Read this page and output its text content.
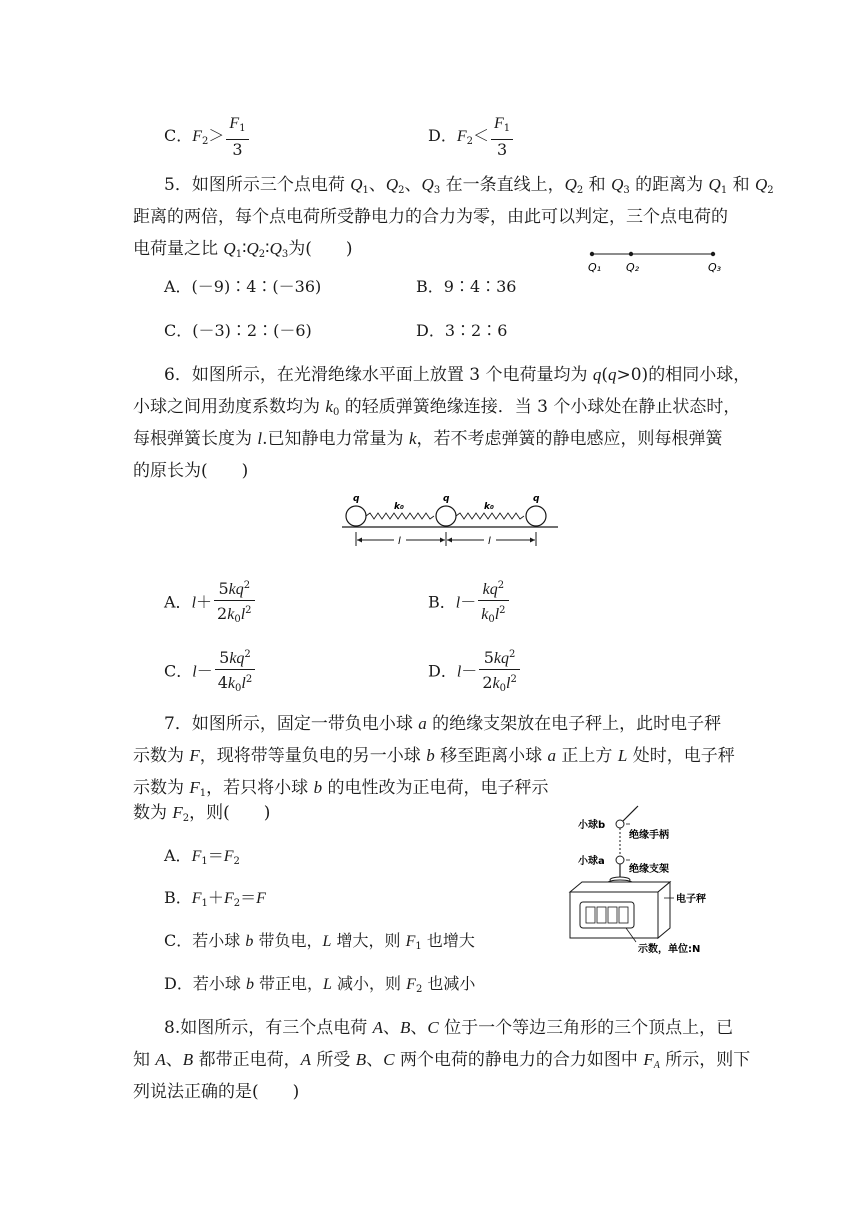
C．$F_2> \frac{F_1}{3}$	D．$F_2< \frac{F_1}{3}$
5．如图所示三个点电荷 $Q_1$、$Q_2$、$Q_3$ 在一条直线上，$Q_2$ 和 $Q_3$ 的距离为 $Q_1$ 和 $Q_2$
距离的两倍，每个点电荷所受静电力的合力为零，由此可以判定，三个点电荷的
电荷量之比 $Q_1∶Q_2∶Q_3$为(　　)
Q₁ Q₂	Q₃
A．(－9)∶4∶(－36)	B．9∶4∶36
C．(－3)∶2∶(－6)	D．3∶2∶6
6．如图所示，在光滑绝缘水平面上放置 3 个电荷量均为 q(q>0)的相同小球，
小球之间用劲度系数均为 $k_0$ 的轻质弹簧绝缘连接．当 3 个小球处在静止状态时，
每根弹簧长度为 l.已知静电力常量为 k，若不考虑弹簧的静电感应，则每根弹簧
的原长为(　　)
q	q	q
k₀	k₀
l	l
A．$l+ \frac{5kq^2}{2k_0l^2}$	B．$l- \frac{kq^2}{k_0l^2}$
C．$l- \frac{5kq^2}{4k_0l^2}$	D．$l- \frac{5kq^2}{2k_0l^2}$
7．如图所示，固定一带负电小球 a 的绝缘支架放在电子秤上，此时电子秤
示数为 F，现将带等量负电的另一小球 b 移至距离小球 a 正上方 L 处时，电子秤
示数为 $F_1$，若只将小球 b 的电性改为正电荷，电子秤示
数为 $F_2$，则(　　)
小球b
绝缘手柄
小球a
绝缘支架
电子秤
示数，单位:N
A．$F_1=F_2$
B．$F_1+F_2=F$
C．若小球 b 带负电，L 增大，则 $F_1$ 也增大
D．若小球 b 带正电，L 减小，则 $F_2$ 也减小
8.如图所示，有三个点电荷 A、B、C 位于一个等边三角形的三个顶点上，已
知 A、B 都带正电荷，A 所受 B、C 两个电荷的静电力的合力如图中 $F_A$ 所示，则下
列说法正确的是(　　)
